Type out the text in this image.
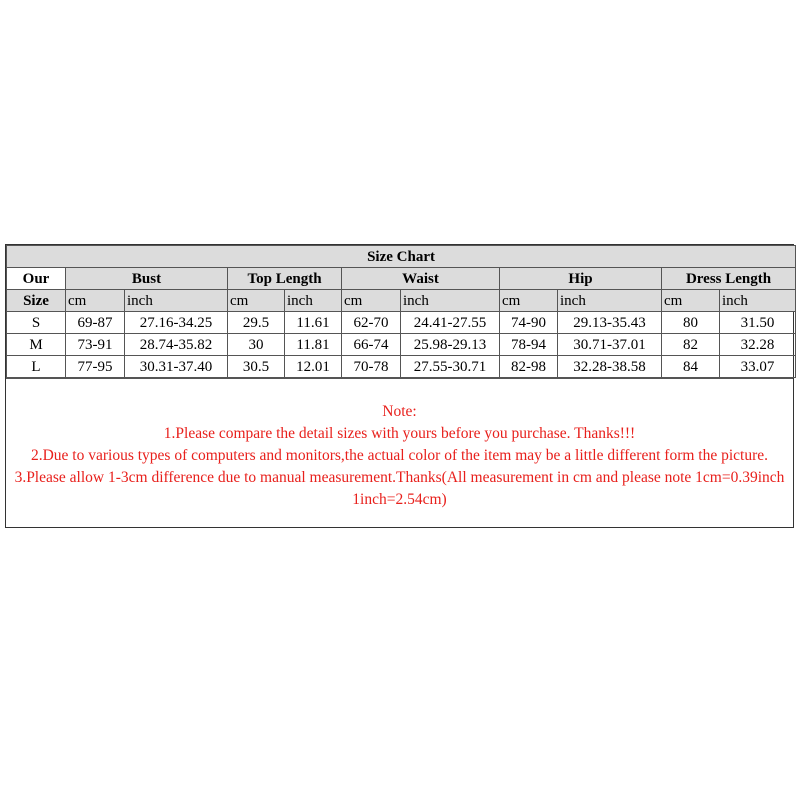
Size Chart										
Our	Bust		Top Length		Waist		Hip		Dress Length	
Size	cm	inch	cm	inch	cm	inch	cm	inch	cm	inch
S	69-87	27.16-34.25	29.5	11.61	62-70	24.41-27.55	74-90	29.13-35.43	80	31.50
M	73-91	28.74-35.82	30	11.81	66-74	25.98-29.13	78-94	30.71-37.01	82	32.28
L	77-95	30.31-37.40	30.5	12.01	70-78	27.55-30.71	82-98	32.28-38.58	84	33.07
Note:
1.Please compare the detail sizes with yours before you purchase. Thanks!!!
2.Due to various types of computers and monitors,the actual color of the item may be a little different form the picture.
3.Please allow 1-3cm difference due to manual measurement.Thanks(All measurement in cm and please note 1cm=0.39inch 1inch=2.54cm)
